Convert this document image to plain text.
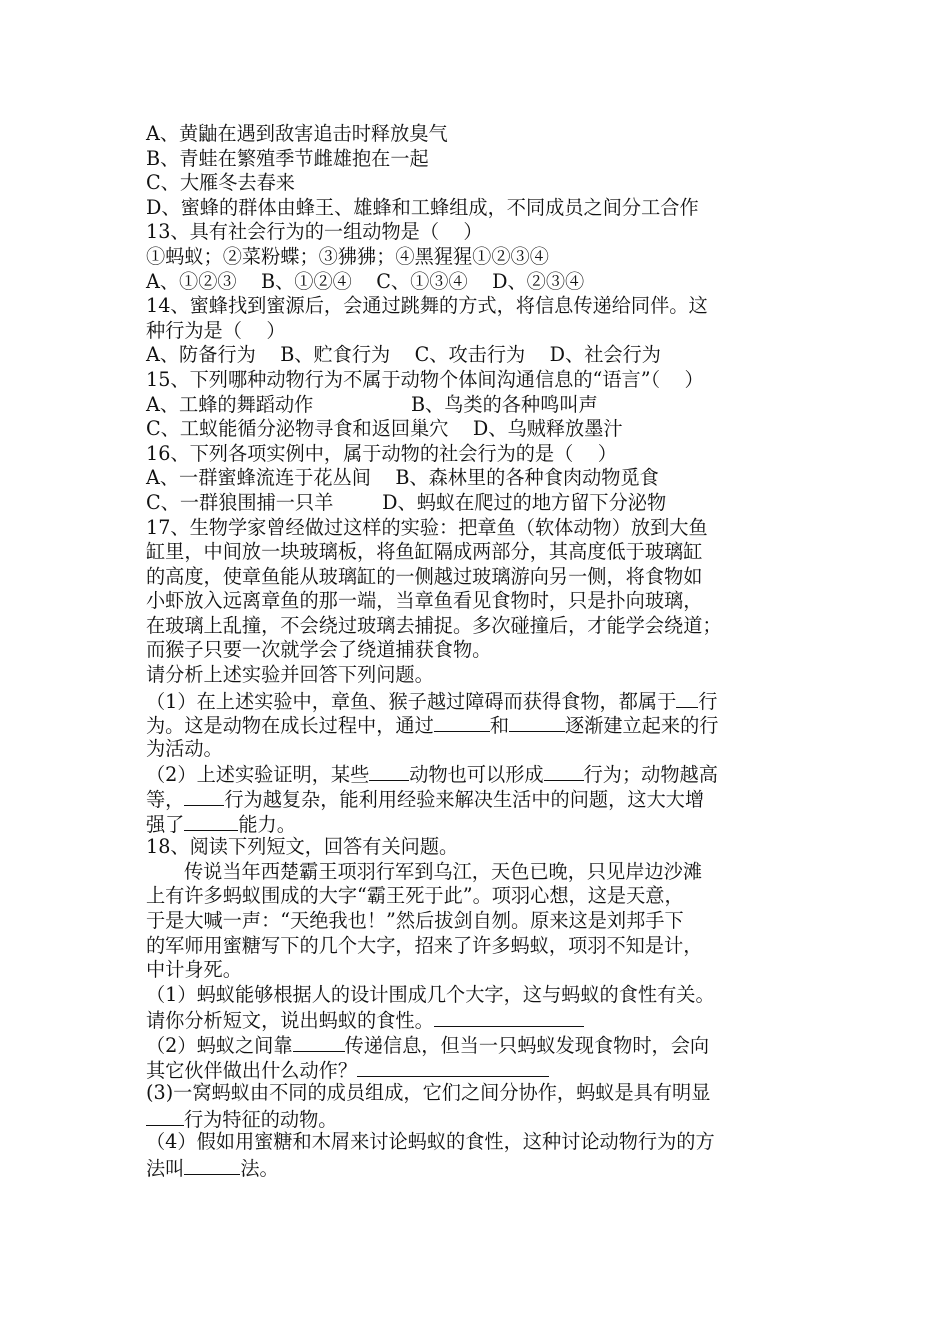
A、黄鼬在遇到敌害追击时释放臭气
B、青蛙在繁殖季节雌雄抱在一起
C、大雁冬去春来
D、蜜蜂的群体由蜂王、雄蜂和工蜂组成，不同成员之间分工合作
13、具有社会行为的一组动物是（    ）
①蚂蚁；②菜粉蝶；③狒狒；④黑猩猩①②③④
A、①②③    B、①②④    C、①③④    D、②③④
14、蜜蜂找到蜜源后，会通过跳舞的方式，将信息传递给同伴。这
种行为是（    ）
A、防备行为    B、贮食行为    C、攻击行为    D、社会行为
15、下列哪种动物行为不属于动物个体间沟通信息的“语言”（    ）
A、工蜂的舞蹈动作                B、鸟类的各种鸣叫声
C、工蚁能循分泌物寻食和返回巢穴    D、乌贼释放墨汁
16、下列各项实例中，属于动物的社会行为的是（    ）
A、一群蜜蜂流连于花丛间    B、森林里的各种食肉动物觅食
C、一群狼围捕一只羊        D、蚂蚁在爬过的地方留下分泌物
17、生物学家曾经做过这样的实验：把章鱼（软体动物）放到大鱼
缸里，中间放一块玻璃板，将鱼缸隔成两部分，其高度低于玻璃缸
的高度，使章鱼能从玻璃缸的一侧越过玻璃游向另一侧，将食物如
小虾放入远离章鱼的那一端，当章鱼看见食物时，只是扑向玻璃，
在玻璃上乱撞，不会绕过玻璃去捕捉。多次碰撞后，才能学会绕道；
而猴子只要一次就学会了绕道捕获食物。
请分析上述实验并回答下列问题。
（1）在上述实验中，章鱼、猴子越过障碍而获得食物，都属于 行
为。这是动物在成长过程中，通过	和	逐渐建立起来的行
为活动。
（2）上述实验证明，某些 动物也可以形成 行为；动物越高
等， 行为越复杂，能利用经验来解决生活中的问题，这大大增
强了	能力。
18、阅读下列短文，回答有关问题。
传说当年西楚霸王项羽行军到乌江，天色已晚，只见岸边沙滩
上有许多蚂蚁围成的大字“霸王死于此”。项羽心想，这是天意，
于是大喊一声：“天绝我也！”然后拔剑自刎。原来这是刘邦手下
的军师用蜜糖写下的几个大字，招来了许多蚂蚁，项羽不知是计，
中计身死。
（1）蚂蚁能够根据人的设计围成几个大字，这与蚂蚁的食性有关。
请你分析短文，说出蚂蚁的食性。
（2）蚂蚁之间靠	传递信息，但当一只蚂蚁发现食物时，会向
其它伙伴做出什么动作？
(3)一窝蚂蚁由不同的成员组成，它们之间分协作，蚂蚁是具有明显
行为特征的动物。
（4）假如用蜜糖和木屑来讨论蚂蚁的食性，这种讨论动物行为的方
法叫	法。
